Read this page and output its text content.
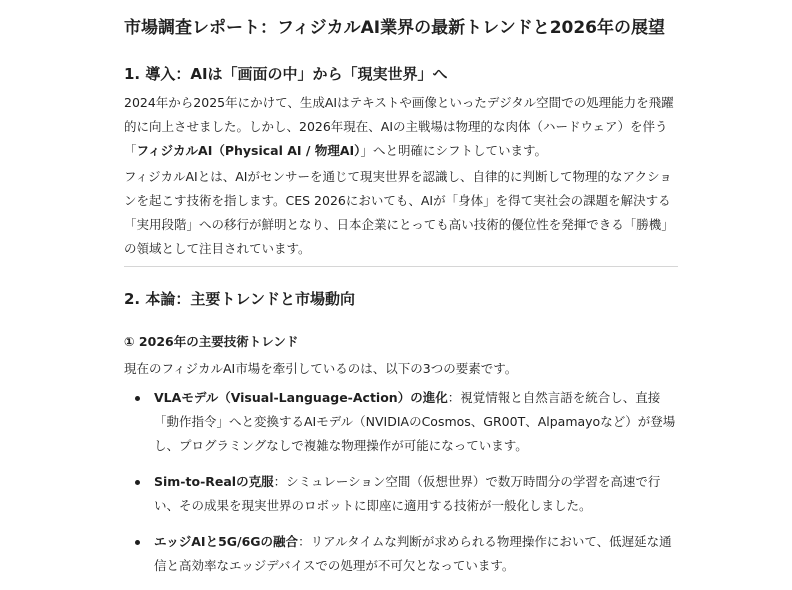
市場調査レポート：フィジカルAI業界の最新トレンドと2026年の展望
1. 導入：AIは「画面の中」から「現実世界」へ

2024年から2025年にかけて、生成AIはテキストや画像といったデジタル空間での処理能力を飛躍的に向上させました。しかし、2026年現在、AIの主戦場は物理的な肉体（ハードウェア）を伴う「フィジカルAI（Physical AI / 物理AI）」へと明確にシフトしています。

フィジカルAIとは、AIがセンサーを通じて現実世界を認識し、自律的に判断して物理的なアクションを起こす技術を指します。CES 2026においても、AIが「身体」を得て実社会の課題を解決する「実用段階」への移行が鮮明となり、日本企業にとっても高い技術的優位性を発揮できる「勝機」の領域として注目されています。

2. 本論：主要トレンドと市場動向
① 2026年の主要技術トレンド

現在のフィジカルAI市場を牽引しているのは、以下の3つの要素です。

VLAモデル（Visual-Language-Action）の進化：視覚情報と自然言語を統合し、直接「動作指令」へと変換するAIモデル（NVIDIAのCosmos、GR00T、Alpamayoなど）が登場し、プログラミングなしで複雑な物理操作が可能になっています。
Sim-to-Realの克服：シミュレーション空間（仮想世界）で数万時間分の学習を高速で行い、その成果を現実世界のロボットに即座に適用する技術が一般化しました。
エッジAIと5G/6Gの融合：リアルタイムな判断が求められる物理操作において、低遅延な通信と高効率なエッジデバイスでの処理が不可欠となっています。
